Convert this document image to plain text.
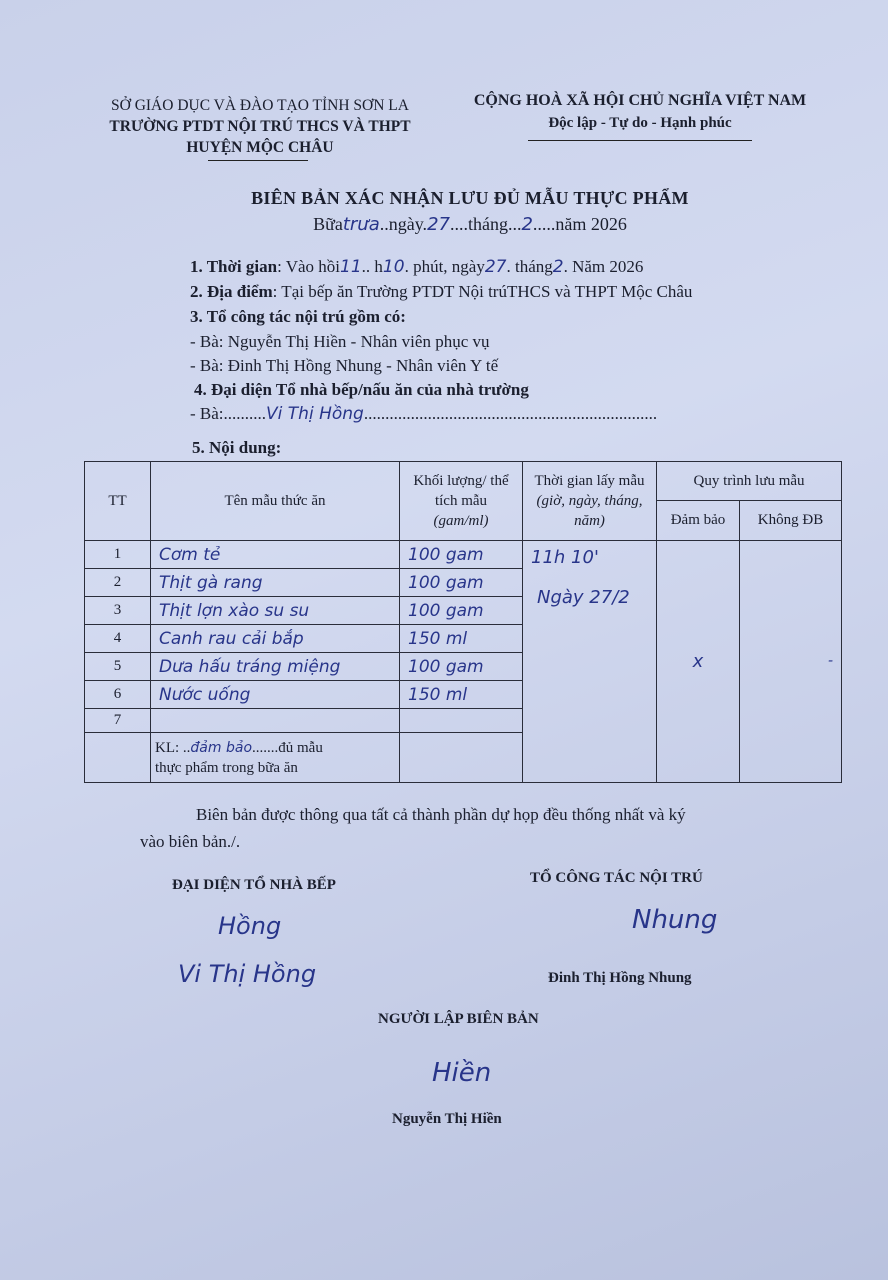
SỞ GIÁO DỤC VÀ ĐÀO TẠO TỈNH SƠN LA
TRƯỜNG PTDT NỘI TRÚ THCS VÀ THPT
HUYỆN MỘC CHÂU
CỘNG HOÀ XÃ HỘI CHỦ NGHĨA VIỆT NAM
Độc lập - Tự do - Hạnh phúc
BIÊN BẢN XÁC NHẬN LƯU ĐỦ MẪU THỰC PHẨM
Bữatrưa..ngày.27....tháng...2.....năm 2026
1. Thời gian: Vào hồi11.. h10. phút, ngày27. tháng2. Năm 2026
2. Địa điểm: Tại bếp ăn Trường PTDT Nội trúTHCS và THPT Mộc Châu
3. Tổ công tác nội trú gồm có:
- Bà: Nguyễn Thị Hiền - Nhân viên phục vụ
- Bà: Đinh Thị Hồng Nhung - Nhân viên Y tế
4. Đại diện Tổ nhà bếp/nấu ăn của nhà trường
- Bà:..........Vi Thị Hồng.....................................................................
5. Nội dung:
TT	Tên mẫu thức ăn	Khối lượng/ thể tích mẫu
(gam/ml)	Thời gian lấy mẫu (giờ, ngày, tháng, năm)	Quy trình lưu mẫu	
				Đảm bảo	Không ĐB
1	Cơm tẻ	100 gam	11h 10'
Ngày 27/2	x	-
2	Thịt gà rang	100 gam			
3	Thịt lợn xào su su	100 gam			
4	Canh rau cải bắp	150 ml			
5	Dưa hấu tráng miệng	100 gam			
6	Nước uống	150 ml			
7					
	KL: ..đảm bảo.......đủ mẫu
thực phẩm trong bữa ăn				
Biên bản được thông qua tất cả thành phần dự họp đều thống nhất và ký
vào biên bản./.
ĐẠI DIỆN TỔ NHÀ BẾP
Hồng
Vi Thị Hồng
TỔ CÔNG TÁC NỘI TRÚ
Nhung
Đinh Thị Hồng Nhung
NGƯỜI LẬP BIÊN BẢN
Hiền
Nguyễn Thị Hiền
